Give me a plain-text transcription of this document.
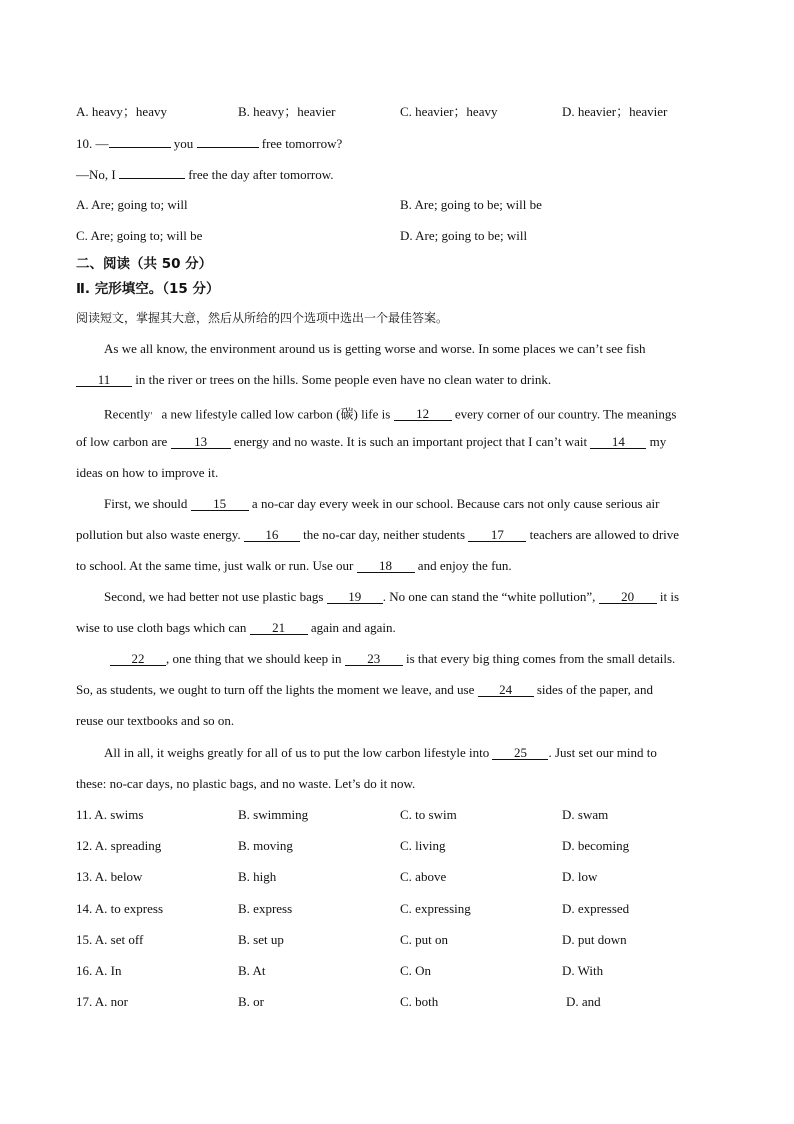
A. heavy；heavy	B. heavy；heavier	C. heavier；heavy	D. heavier；heavier
10. —	you	free tomorrow?
—No, I	free the day after tomorrow.
A. Are; going to; will	B. Are; going to be; will be
C. Are; going to; will be	D. Are; going to be; will
二、阅读（共 50 分）
Ⅱ. 完形填空。（15 分）
阅读短文，掌握其大意，然后从所给的四个选项中选出一个最佳答案。
As we all know, the environment around us is getting worse and worse. In some places we can’t see fish
11 in the river or trees on the hills. Some people even have no clean water to drink.
Recently， a new lifestyle called low carbon (碳) life is 12 every corner of our country. The meanings
of low carbon are 13 energy and no waste. It is such an important project that I can’t wait 14 my
ideas on how to improve it.
First, we should 15 a no-car day every week in our school. Because cars not only cause serious air
pollution but also waste energy. 16 the no-car day, neither students 17 teachers are allowed to drive
to school. At the same time, just walk or run. Use our 18 and enjoy the fun.
Second, we had better not use plastic bags 19 . No one can stand the “white pollution”, 20 it is
wise to use cloth bags which can 21 again and again.
22 , one thing that we should keep in 23 is that every big thing comes from the small details.
So, as students, we ought to turn off the lights the moment we leave, and use 24 sides of the paper, and
reuse our textbooks and so on.
All in all, it weighs greatly for all of us to put the low carbon lifestyle into 25 . Just set our mind to
these: no-car days, no plastic bags, and no waste. Let’s do it now.
11. A. swims	B. swimming	C. to swim	D. swam
12. A. spreading	B. moving	C. living	D. becoming
13. A. below	B. high	C. above	D. low
14. A. to express	B. express	C. expressing	D. expressed
15. A. set off	B. set up	C. put on	D. put down
16. A. In	B. At	C. On	D. With
17. A. nor	B. or	C. both	D. and
